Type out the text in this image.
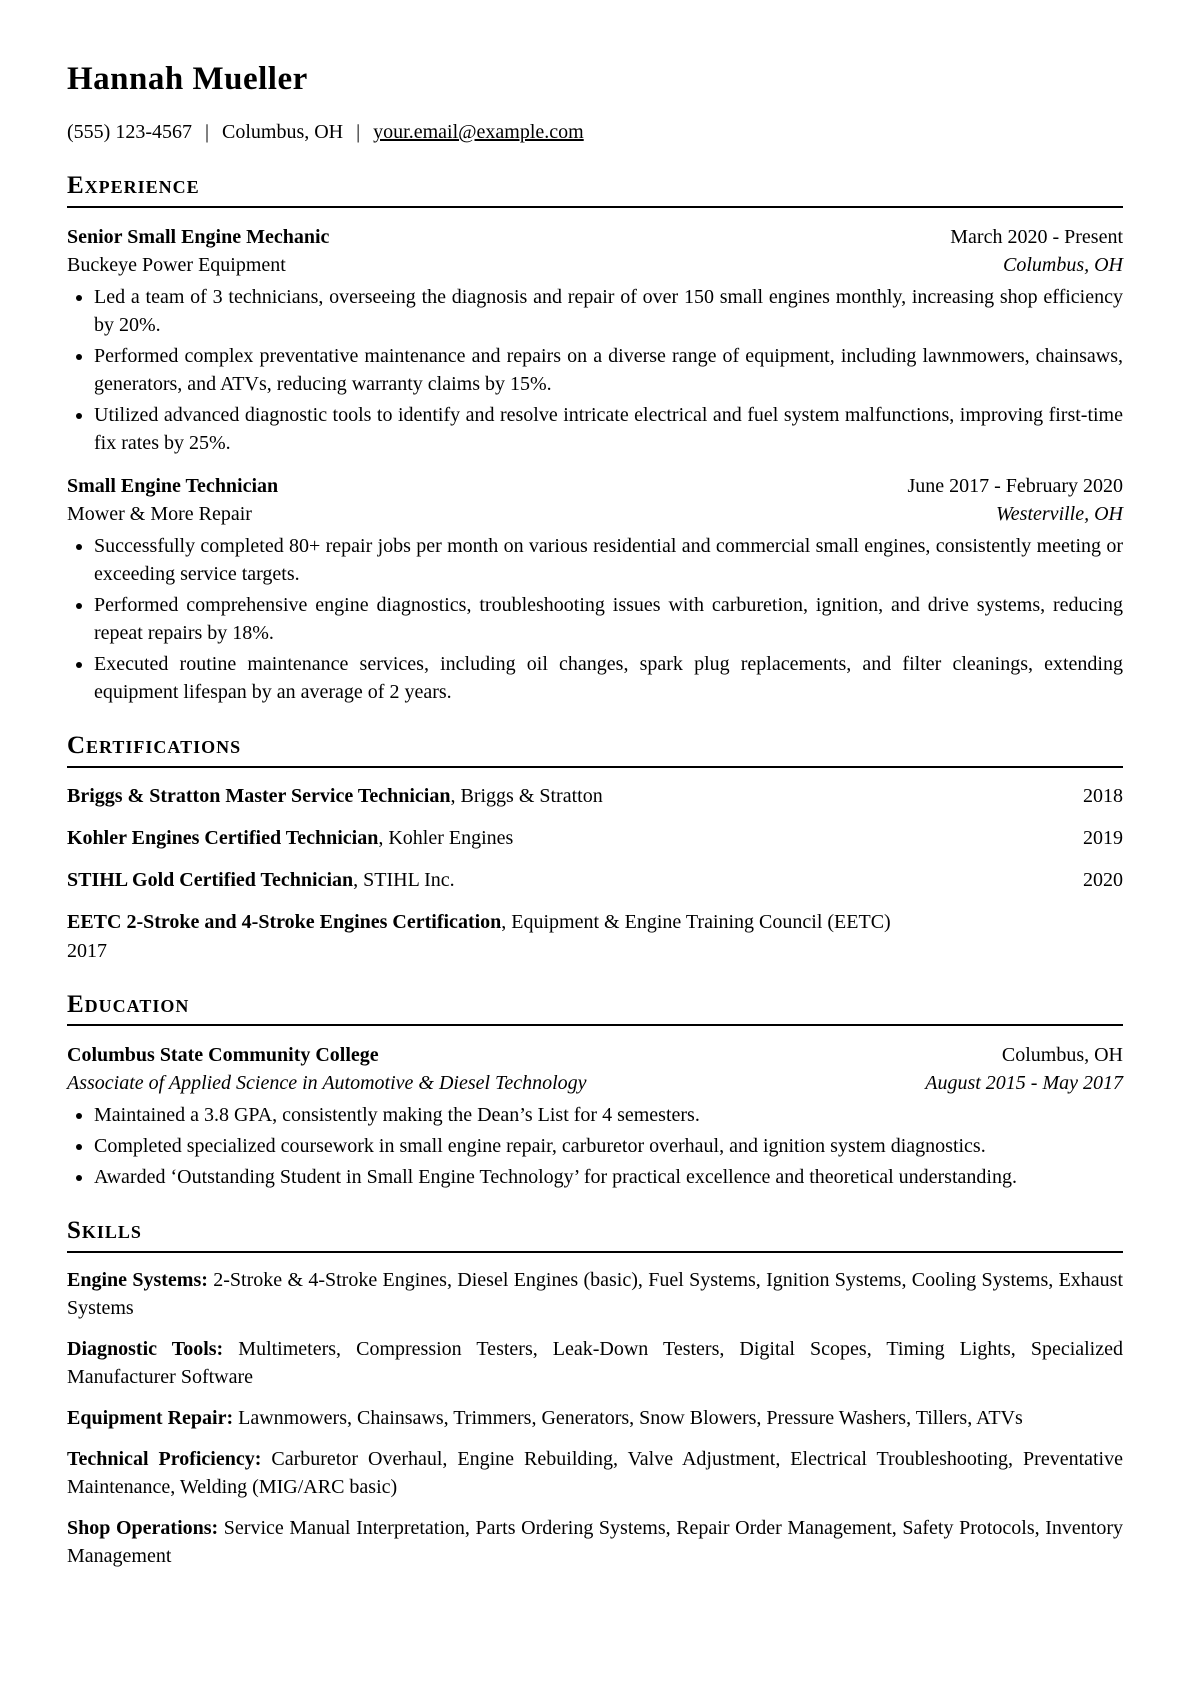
Hannah Mueller
(555) 123-4567 | Columbus, OH | your.email@example.com
Experience
Senior Small Engine Mechanic	March 2020 - Present
Buckeye Power Equipment	Columbus, OH
• Led a team of 3 technicians, overseeing the diagnosis and repair of over 150 small engines monthly, increasing shop efficiency by 20%.
• Performed complex preventative maintenance and repairs on a diverse range of equipment, including lawnmowers, chainsaws, generators, and ATVs, reducing warranty claims by 15%.
• Utilized advanced diagnostic tools to identify and resolve intricate electrical and fuel system malfunctions, improving first-time fix rates by 25%.
Small Engine Technician	June 2017 - February 2020
Mower & More Repair	Westerville, OH
• Successfully completed 80+ repair jobs per month on various residential and commercial small engines, consistently meeting or exceeding service targets.
• Performed comprehensive engine diagnostics, troubleshooting issues with carburetion, ignition, and drive systems, reducing repeat repairs by 18%.
• Executed routine maintenance services, including oil changes, spark plug replacements, and filter cleanings, extending equipment lifespan by an average of 2 years.
Certifications
Briggs & Stratton Master Service Technician, Briggs & Stratton	2018
Kohler Engines Certified Technician, Kohler Engines	2019
STIHL Gold Certified Technician, STIHL Inc.	2020
EETC 2-Stroke and 4-Stroke Engines Certification, Equipment & Engine Training Council (EETC)
2017
Education
Columbus State Community College	Columbus, OH
Associate of Applied Science in Automotive & Diesel Technology	August 2015 - May 2017
• Maintained a 3.8 GPA, consistently making the Dean’s List for 4 semesters.
• Completed specialized coursework in small engine repair, carburetor overhaul, and ignition system diagnostics.
• Awarded ‘Outstanding Student in Small Engine Technology’ for practical excellence and theoretical understanding.
Skills

Engine Systems: 2-Stroke & 4-Stroke Engines, Diesel Engines (basic), Fuel Systems, Ignition Systems, Cooling Systems, Exhaust Systems

Diagnostic Tools: Multimeters, Compression Testers, Leak-Down Testers, Digital Scopes, Timing Lights, Specialized Manufacturer Software

Equipment Repair: Lawnmowers, Chainsaws, Trimmers, Generators, Snow Blowers, Pressure Washers, Tillers, ATVs

Technical Proficiency: Carburetor Overhaul, Engine Rebuilding, Valve Adjustment, Electrical Troubleshooting, Preventative Maintenance, Welding (MIG/ARC basic)

Shop Operations: Service Manual Interpretation, Parts Ordering Systems, Repair Order Management, Safety Protocols, Inventory Management
